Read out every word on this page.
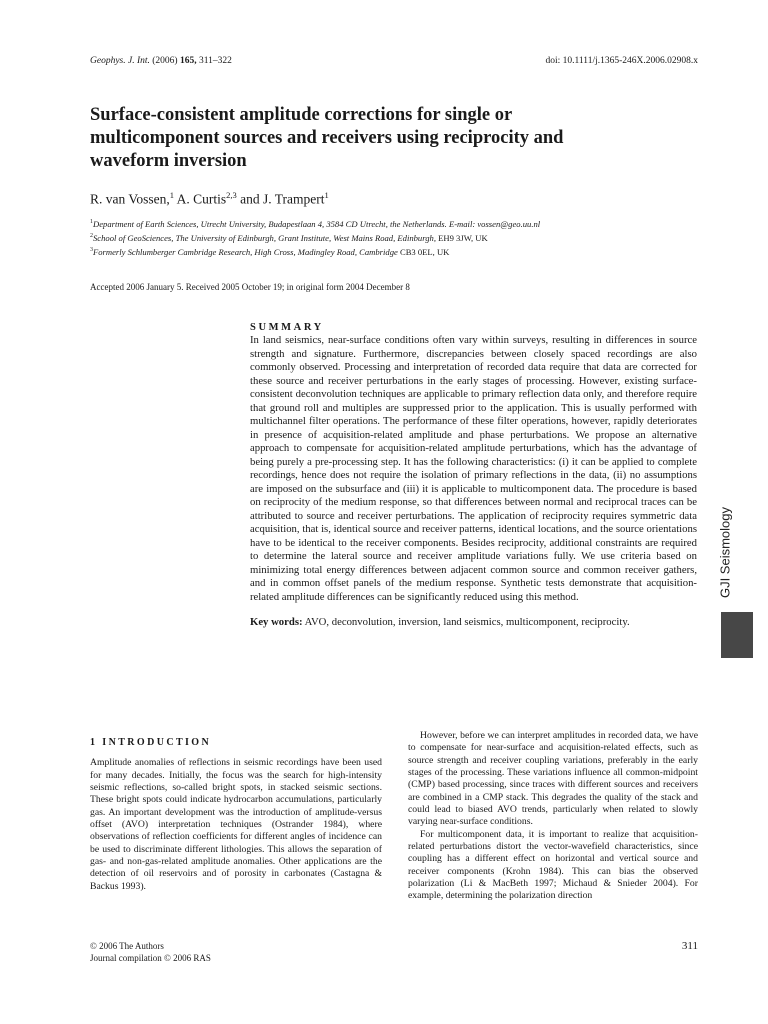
Geophys. J. Int. (2006) 165, 311–322	doi: 10.1111/j.1365-246X.2006.02908.x
Surface-consistent amplitude corrections for single or multicomponent sources and receivers using reciprocity and waveform inversion
R. van Vossen,$^1$ A. Curtis$^{2,3}$ and J. Trampert$^1$
$^1$Department of Earth Sciences, Utrecht University, Budapestlaan 4, 3584 CD Utrecht, the Netherlands. E-mail: vossen@geo.uu.nl
$^2$School of GeoSciences, The University of Edinburgh, Grant Institute, West Mains Road, Edinburgh, EH9 3JW, UK
$^3$Formerly Schlumberger Cambridge Research, High Cross, Madingley Road, Cambridge CB3 0EL, UK
Accepted 2006 January 5. Received 2005 October 19; in original form 2004 December 8
SUMMARY

In land seismics, near-surface conditions often vary within surveys, resulting in differences in source strength and signature. Furthermore, discrepancies between closely spaced recordings are also commonly observed. Processing and interpretation of recorded data require that data are corrected for these source and receiver perturbations in the early stages of processing. However, existing surface-consistent deconvolution techniques are applicable to primary reflection data only, and therefore require that ground roll and multiples are suppressed prior to the application. This is usually performed with multichannel filter operations. The performance of these filter operations, however, rapidly deteriorates in presence of acquisition-related amplitude and phase perturbations. We propose an alternative approach to compensate for acquisition-related amplitude perturbations, which has the advantage of being purely a pre-processing step. It has the following characteristics: (i) it can be applied to complete recordings, hence does not require the isolation of primary reflections in the data, (ii) no assumptions are imposed on the subsurface and (iii) it is applicable to multicomponent data. The procedure is based on reciprocity of the medium response, so that differences between normal and reciprocal traces can be attributed to source and receiver perturbations. The application of reciprocity requires symmetric data acquisition, that is, identical source and receiver patterns, identical locations, and the source orientations have to be identical to the receiver components. Besides reciprocity, additional constraints are required to determine the lateral source and receiver amplitude variations fully. We use criteria based on minimizing total energy differences between adjacent common source and common receiver gathers, and in common offset panels of the medium response. Synthetic tests demonstrate that acquisition-related amplitude differences can be significantly reduced using this method.

Key words: AVO, deconvolution, inversion, land seismics, multicomponent, reciprocity.
GJI Seismology

1 INTRODUCTION

Amplitude anomalies of reflections in seismic recordings have been used for many decades. Initially, the focus was the search for high-intensity seismic reflections, so-called bright spots, in stacked seismic sections. These bright spots could indicate hydrocarbon accumulations, particularly gas. An important development was the introduction of amplitude-versus offset (AVO) interpretation techniques (Ostrander 1984), where observations of reflection coefficients for different angles of incidence can be used to discriminate different lithologies. This allows the separation of gas- and non-gas-related amplitude anomalies. Other applications are the detection of oil reservoirs and of porosity in carbonates (Castagna & Backus 1993).

However, before we can interpret amplitudes in recorded data, we have to compensate for near-surface and acquisition-related effects, such as source strength and receiver coupling variations, preferably in the early stages of the processing. These variations influence all common-midpoint (CMP) based processing, since traces with different sources and receivers are combined in a CMP stack. This degrades the quality of the stack and could lead to biased AVO trends, particularly when related to slowly varying near-surface conditions.

For multicomponent data, it is important to realize that acquisition-related perturbations distort the vector-wavefield characteristics, since coupling has a different effect on horizontal and vertical source and receiver components (Krohn 1984). This can bias the observed polarization (Li & MacBeth 1997; Michaud & Snieder 2004). For example, determining the polarization direction

© 2006 The Authors
Journal compilation © 2006 RAS
311
